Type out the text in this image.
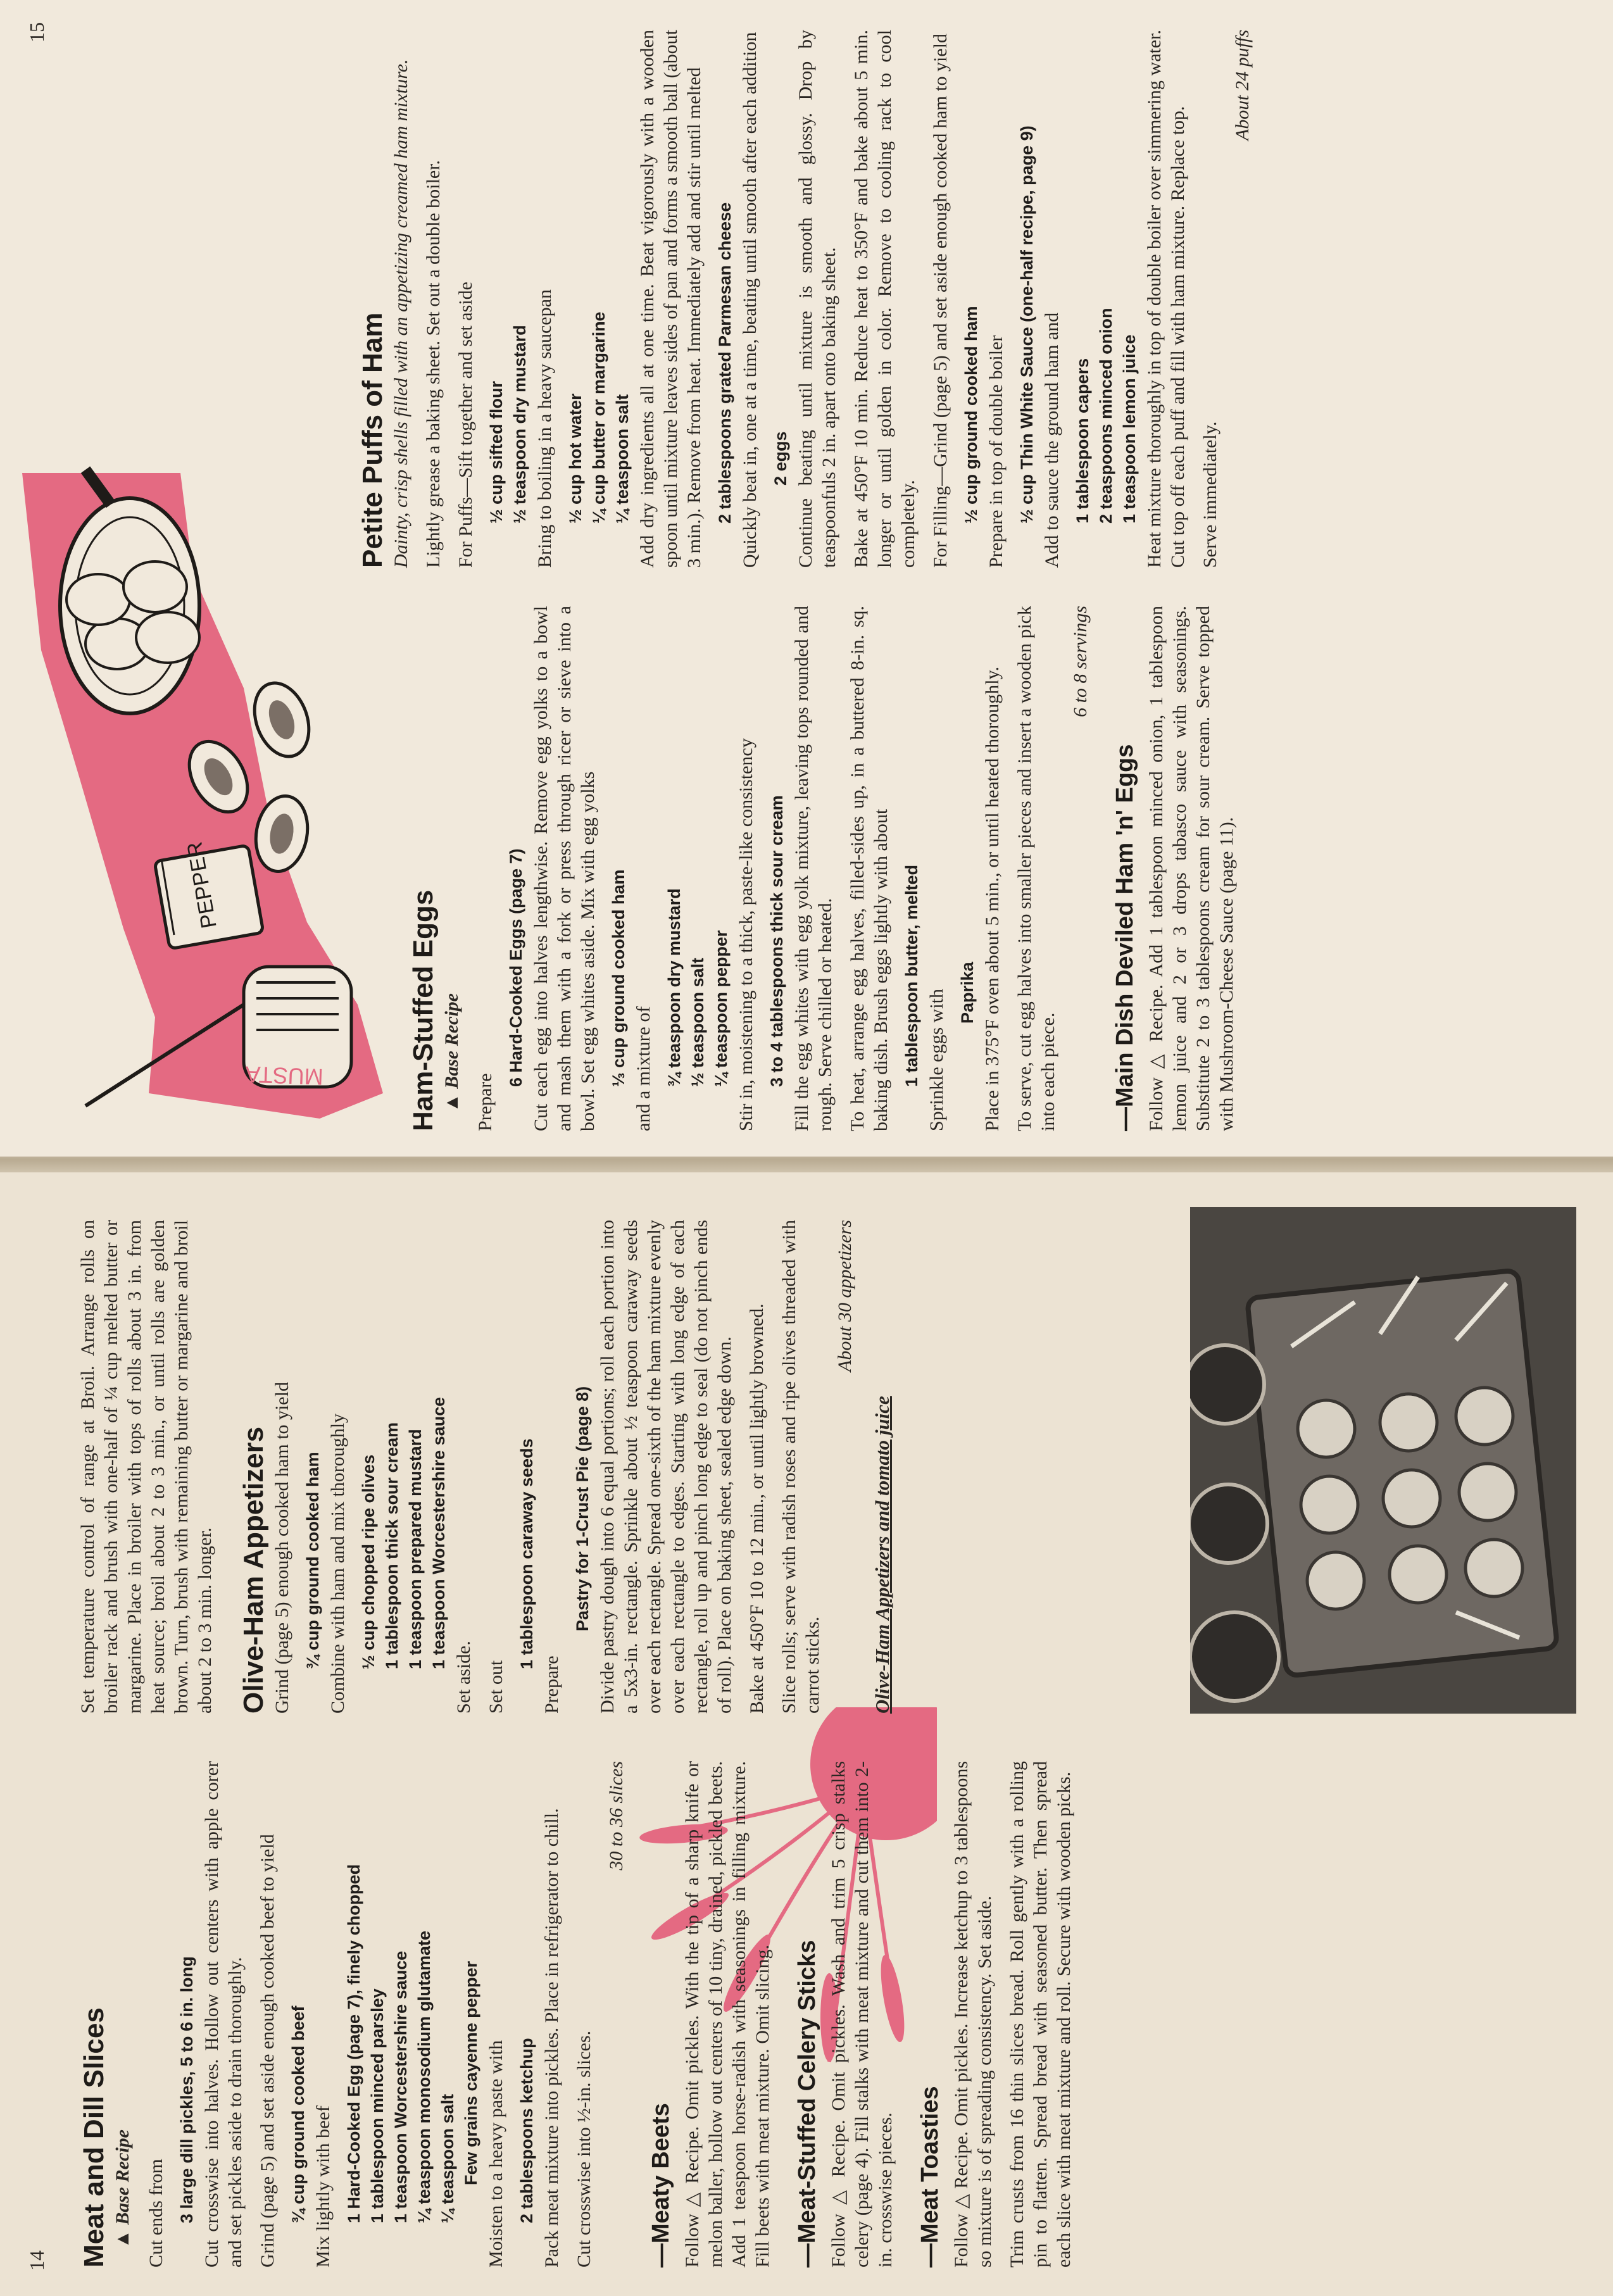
14 Meat and Dill Slices ▲ Base Recipe Cut ends from 3 large dill pickles, 5 to 6 in. long Cut crosswise into halves. Hollow out centers with apple corer and set pickles aside to drain thoroughly. Grind (page 5) and set aside enough cooked beef to yield ¾ cup ground cooked beef Mix lightly with beef 1 Hard-Cooked Egg (page 7), finely chopped 1 tablespoon minced parsley 1 teaspoon Worcestershire sauce ¼ teaspoon monosodium glutamate ¼ teaspoon salt Few grains cayenne pepper Moisten to a heavy paste with 2 tablespoons ketchup Pack meat mixture into pickles. Place in refrigerator to chill. Cut crosswise into ½-in. slices.

30 to 36 slices
—Meaty Beets Follow △ Recipe. Omit pickles. With the tip of a sharp knife or melon baller, hollow out centers of 10 tiny, drained, pickled beets. Add 1 teaspoon horse-radish with seasonings in filling mixture. Fill beets with meat mixture. Omit slicing. —Meat-Stuffed Celery Sticks Follow △ Recipe. Omit pickles. Wash and trim 5 crisp stalks celery (page 4). Fill stalks with meat mixture and cut them into 2-in. crosswise pieces. —Meat Toasties Follow △ Recipe. Omit pickles. Increase ketchup to 3 tablespoons so mixture is of spreading consistency. Set aside. Trim crusts from 16 thin slices bread. Roll gently with a rolling pin to flatten. Spread bread with seasoned butter. Then spread each slice with meat mixture and roll. Secure with wooden picks.

Set temperature control of range at Broil. Arrange rolls on broiler rack and brush with one-half of ¼ cup melted butter or margarine. Place in broiler with tops of rolls about 3 in. from heat source; broil about 2 to 3 min., or until rolls are golden brown. Turn, brush with remaining butter or margarine and broil about 2 to 3 min. longer. Olive-Ham Appetizers Grind (page 5) enough cooked ham to yield ¾ cup ground cooked ham Combine with ham and mix thoroughly ½ cup chopped ripe olives 1 tablespoon thick sour cream 1 teaspoon prepared mustard 1 teaspoon Worcestershire sauce

Set aside. Set out

1 tablespoon caraway seeds

Prepare

Pastry for 1-Crust Pie (page 8) Divide pastry dough into 6 equal portions; roll each portion into a 5x3-in. rectangle. Sprinkle about ½ teaspoon caraway seeds over each rectangle. Spread one-sixth of the ham mixture evenly over each rectangle to edges. Starting with long edge of each rectangle, roll up and pinch long edge to seal (do not pinch ends of roll). Place on baking sheet, sealed edge down. Bake at 450°F 10 to 12 min., or until lightly browned. Slice rolls; serve with radish roses and ripe olives threaded with carrot sticks.

About 30 appetizers
Olive-Ham Appetizers and tomato juice
15
MUSTA
PEPPER
Ham-Stuffed Eggs ▲ Base Recipe Prepare

6 Hard-Cooked Eggs (page 7) Cut each egg into halves lengthwise. Remove egg yolks to a bowl and mash them with a fork or press through ricer or sieve into a bowl. Set egg whites aside. Mix with egg yolks ⅓ cup ground cooked ham and a mixture of ¾ teaspoon dry mustard ½ teaspoon salt ¼ teaspoon pepper Stir in, moistening to a thick, paste-like consistency 3 to 4 tablespoons thick sour cream Fill the egg whites with egg yolk mixture, leaving tops rounded and rough. Serve chilled or heated. To heat, arrange egg halves, filled-sides up, in a buttered 8-in. sq. baking dish. Brush eggs lightly with about 1 tablespoon butter, melted Sprinkle eggs with Paprika Place in 375°F oven about 5 min., or until heated thoroughly. To serve, cut egg halves into smaller pieces and insert a wooden pick into each piece.

6 to 8 servings
—Main Dish Deviled Ham 'n' Eggs Follow △ Recipe. Add 1 tablespoon minced onion, 1 tablespoon lemon juice and 2 or 3 drops tabasco sauce with seasonings. Substitute 2 to 3 tablespoons cream for sour cream. Serve topped with Mushroom-Cheese Sauce (page 11).

Petite Puffs of Ham Dainty, crisp shells filled with an appetizing creamed ham mixture. Lightly grease a baking sheet. Set out a double boiler. For Puffs—Sift together and set aside ½ cup sifted flour ½ teaspoon dry mustard Bring to boiling in a heavy saucepan ½ cup hot water ¼ cup butter or margarine ¼ teaspoon salt Add dry ingredients all at one time. Beat vigorously with a wooden spoon until mixture leaves sides of pan and forms a smooth ball (about 3 min.). Remove from heat. Immediately add and stir until melted 2 tablespoons grated Parmesan cheese Quickly beat in, one at a time, beating until smooth after each addition 2 eggs Continue beating until mixture is smooth and glossy. Drop by teaspoonfuls 2 in. apart onto baking sheet. Bake at 450°F 10 min. Reduce heat to 350°F and bake about 5 min. longer or until golden in color. Remove to cooling rack to cool completely. For Filling—Grind (page 5) and set aside enough cooked ham to yield ½ cup ground cooked ham Prepare in top of double boiler ½ cup Thin White Sauce (one-half recipe, page 9) Add to sauce the ground ham and 1 tablespoon capers 2 teaspoons minced onion 1 teaspoon lemon juice Heat mixture thoroughly in top of double boiler over simmering water. Cut top off each puff and fill with ham mixture. Replace top. Serve immediately.

About 24 puffs
